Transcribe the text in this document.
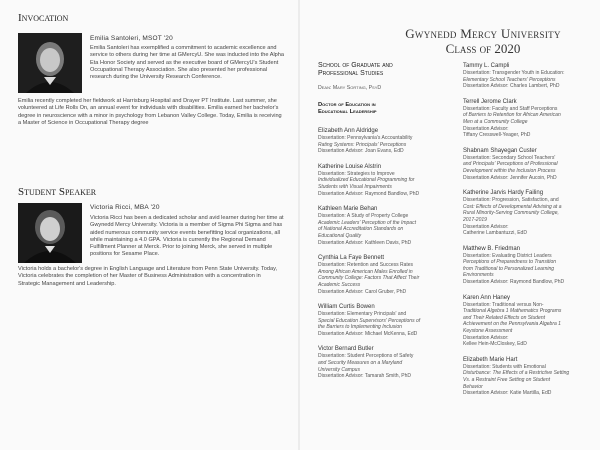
Invocation
Emilia Santoleri, MSOT '20

Emilia Santoleri has exemplified a commitment to academic excellence and service to others during her time at GMercyU. She was inducted into the Alpha Eta Honor Society and served as the executive board of GMercyU's Student Occupational Therapy Association. She also presented her professional research during the University Research Conference.

Emilia recently completed her fieldwork at Harrisburg Hospital and Drayer PT Institute. Last summer, she volunteered at Life Rolls On, an annual event for individuals with disabilities. Emilia earned her bachelor's degree in neuroscience with a minor in psychology from Lebanon Valley College. Today, Emilia is receiving a Master of Science in Occupational Therapy degree

Student Speaker
Victoria Ricci, MBA '20

Victoria Ricci has been a dedicated scholar and avid learner during her time at Gwynedd Mercy University. Victoria is a member of Sigma Phi Sigma and has aided numerous community service events benefitting local organizations, all while maintaining a 4.0 GPA. Victoria is currently the Regional Demand Fulfillment Planner at Merck. Prior to joining Merck, she served in multiple positions for Sesame Place.

Victoria holds a bachelor's degree in English Language and Literature from Penn State University. Today, Victoria celebrates the completion of her Master of Business Administration with a concentration in Strategic Management and Leadership.

Gwynedd Mercy University
Class of 2020
School of Graduate and
Professional Studies
Dean: Mary Sorting, PsyD
Doctor of Education in
Educational Leadership
Elizabeth Ann Aldridge
Dissertation: Pennsylvania's Accountability
Rating Systems: Principals' Perceptions
Dissertation Advisor: Joan Evans, EdD
Katherine Louise Alstrin
Dissertation: Strategies to Improve
Individualized Educational Programming for
Students with Visual Impairments
Dissertation Advisor: Raymond Bandlow, PhD
Kathleen Marie Behan
Dissertation: A Study of Property College
Academic Leaders' Perception of the Impact
of National Accreditation Standards on
Educational Quality
Dissertation Advisor: Kathleen Davis, PhD
Cynthia La Faye Bennett
Dissertation: Retention and Success Rates
Among African American Males Enrolled in
Community College: Factors That Affect Their
Academic Success
Dissertation Advisor: Carol Gruber, PhD
William Curtis Bowen
Dissertation: Elementary Principals' and
Special Education Supervisors' Perceptions of
the Barriers to Implementing Inclusion
Dissertation Advisor: Michael McKenna, EdD
Victor Bernard Butler
Dissertation: Student Perceptions of Safety
and Security Measures on a Maryland
University Campus
Dissertation Advisor: Tamarah Smith, PhD
Tammy L. Campli
Dissertation: Transgender Youth in Education:
Elementary School Teachers' Perceptions
Dissertation Advisor: Charles Lambert, PhD
Terrell Jerome Clark
Dissertation: Faculty and Staff Perceptions
of Barriers to Retention for African American
Men at a Community College
Dissertation Advisor:
Tiffany Cresswell-Yeager, PhD
Shabnam Shayegan Custer
Dissertation: Secondary School Teachers'
and Principals' Perceptions of Professional
Development within the Inclusion Process
Dissertation Advisor: Jennifer Aucoin, PhD
Katherine Jarvis Hardy Failing
Dissertation: Progression, Satisfaction, and
Cost: Effects of Developmental Advising at a
Rural Minority-Serving Community College,
2017-2019
Dissertation Advisor:
Catherine Lambantuzzi, EdD
Matthew B. Friedman
Dissertation: Evaluating District Leaders
Perceptions of Preparedness to Transition
from Traditional to Personalized Learning
Environments
Dissertation Advisor: Raymond Bandlow, PhD
Karen Ann Haney
Dissertation: Traditional versus Non-
Traditional Algebra 1 Mathematics Programs
and Their Related Effects on Student
Achievement on the Pennsylvania Algebra 1
Keystone Assessment
Dissertation Advisor:
Kellee Hein-McCloskey, EdD
Elizabeth Marie Hart
Dissertation: Students with Emotional
Disturbance: The Effects of a Restrictive Setting
Vs. a Restraint Free Setting on Student
Behavior
Dissertation Advisor: Katie Martilla, EdD
